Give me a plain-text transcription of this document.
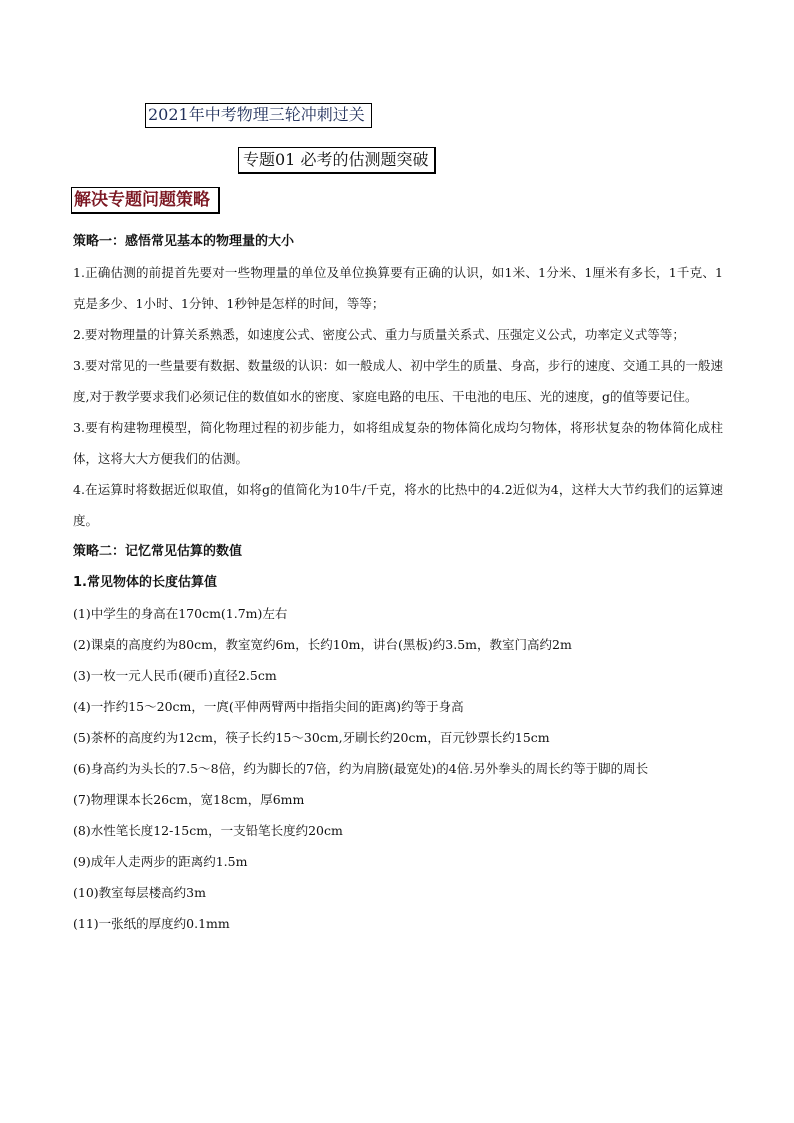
2021年中考物理三轮冲刺过关
专题01 必考的估测题突破
解决专题问题策略

策略一：感悟常见基本的物理量的大小

1.正确估测的前提首先要对一些物理量的单位及单位换算要有正确的认识，如1米、1分米、1厘米有多长，1千克、1克是多少、1小时、1分钟、1秒钟是怎样的时间，等等；

2.要对物理量的计算关系熟悉，如速度公式、密度公式、重力与质量关系式、压强定义公式，功率定义式等等；

3.要对常见的一些量要有数据、数量级的认识：如一般成人、初中学生的质量、身高，步行的速度、交通工具的一般速度,对于教学要求我们必须记住的数值如水的密度、家庭电路的电压、干电池的电压、光的速度，g的值等要记住。

3.要有构建物理模型，简化物理过程的初步能力，如将组成复杂的物体简化成均匀物体，将形状复杂的物体简化成柱体，这将大大方便我们的估测。

4.在运算时将数据近似取值，如将g的值简化为10牛/千克，将水的比热中的4.2近似为4，这样大大节约我们的运算速度。

策略二：记忆常见估算的数值

1.常见物体的长度估算值

(1)中学生的身高在170cm(1.7m)左右

(2)课桌的高度约为80cm，教室宽约6m，长约10m，讲台(黑板)约3.5m，教室门高约2m

(3)一枚一元人民币(硬币)直径2.5cm

(4)一拃约15～20cm，一庹(平伸两臂两中指指尖间的距离)约等于身高

(5)茶杯的高度约为12cm，筷子长约15～30cm,牙刷长约20cm，百元钞票长约15cm

(6)身高约为头长的7.5～8倍，约为脚长的7倍，约为肩膀(最宽处)的4倍.另外拳头的周长约等于脚的周长

(7)物理课本长26cm，宽18cm，厚6mm

(8)水性笔长度12-15cm，一支铅笔长度约20cm

(9)成年人走两步的距离约1.5m

(10)教室每层楼高约3m

(11)一张纸的厚度约0.1mm
